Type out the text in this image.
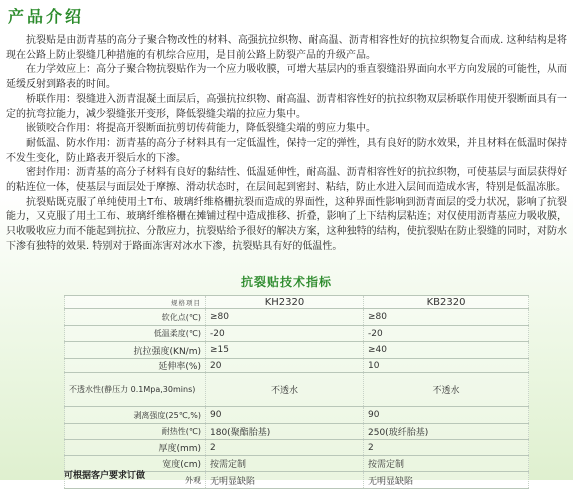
产品介绍

抗裂贴是由沥青基的高分子聚合物改性的材料、高强抗拉织物、耐高温、沥青相容性好的抗拉织物复合而成. 这种结构是将现在公路上防止裂缝几种措施的有机综合应用，是目前公路上防裂产品的升级产品。

在力学效应上：高分子聚合物抗裂贴作为一个应力吸收膜，可增大基层内的垂直裂缝沿界面向水平方向发展的可能性，从而延缓反射到路表的时间。

桥联作用：裂缝进入沥青混凝土面层后，高强抗拉织物、耐高温、沥青相容性好的抗拉织物双层桥联作用使开裂断面具有一定的抗弯拉能力，减少裂缝张开变形，降低裂缝尖端的拉应力集中。

嵌锁咬合作用：将提高开裂断面抗剪切传荷能力，降低裂缝尖端的剪应力集中。

耐低温、防水作用：沥青基的高分子材料具有一定低温性，保持一定的弹性，具有良好的防水效果，并且材料在低温时保持不发生变化，防止路表开裂后水的下渗。

密封作用：沥青基的高分子材料有良好的黏结性、低温延伸性，耐高温、沥青相容性好的抗拉织物，可使基层与面层获得好的粘连位一体，使基层与面层处于摩擦、滑动状态时，在层间起到密封、粘结，防止水进入层间而造成水害，特别是低温冻胀。

抗裂贴既克服了单纯使用土T布、玻璃纤维格栅抗裂而造成的界面性，这种界面性影响到沥青面层的受力状况，影响了抗裂能力，又克服了用土工布、玻璃纤维格栅在摊铺过程中造成推移、折叠，影响了上下结构层粘连；对仅使用沥青基应力吸收膜，只收吸收应力而不能起到抗拉、分散应力，抗裂贴给予很好的解决方案，这种独特的结构，使抗裂贴在防止裂缝的同时，对防水下渗有独特的效果. 特别对于路面冻害对冰水下渗，抗裂贴具有好的低温性。

抗裂贴技术指标
规格项目	KH2320	KB2320
软化点(℃)	≥80	≥80
低温柔度(℃)	-20	-20
抗拉强度(KN/m)	≥15	≥40
延伸率(%)	20	10
不透水性(静压力 0.1Mpa,30mins)	不透水	不透水
剥离强度(25℃,%)	90	90
耐热性(℃)	180(聚酯胎基)	250(玻纤胎基)
厚度(mm)	2	2
宽度(cm)	按需定制	按需定制
外观	无明显缺陷	无明显缺陷
可根据客户要求订做
